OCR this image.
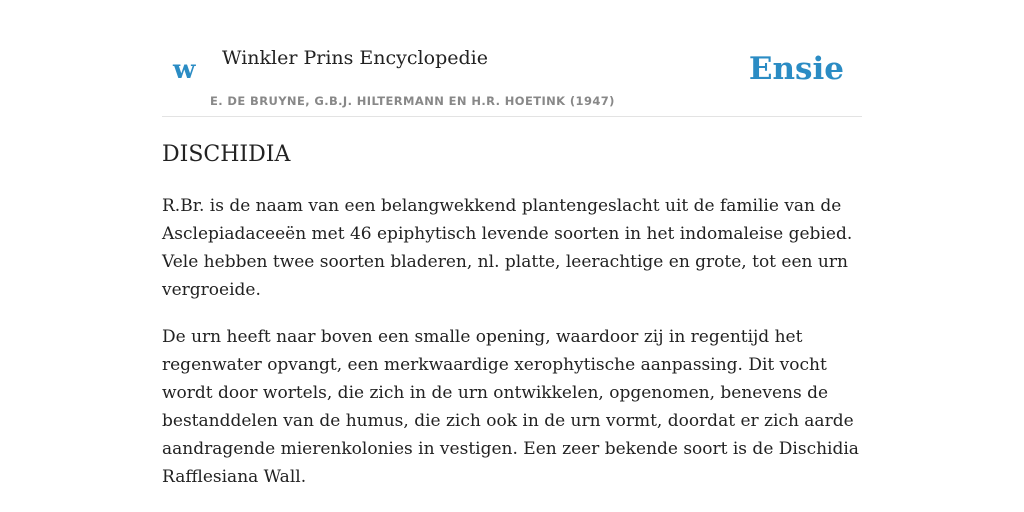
w Winkler Prins Encyclopedie
E. DE BRUYNE, G.B.J. HILTERMANN EN H.R. HOETINK (1947)
Ensie
DISCHIDIA

R.Br. is de naam van een belangwekkend plantengeslacht uit de familie van de Asclepiadaceeën met 46 epiphytisch levende soorten in het indomaleise gebied. Vele hebben twee soorten bladeren, nl. platte, leerachtige en grote, tot een urn vergroeide.

De urn heeft naar boven een smalle opening, waardoor zij in regentijd het regenwater opvangt, een merkwaardige xerophytische aanpassing. Dit vocht wordt door wortels, die zich in de urn ontwikkelen, opgenomen, benevens de bestanddelen van de humus, die zich ook in de urn vormt, doordat er zich aarde aandragende mierenkolonies in vestigen. Een zeer bekende soort is de Dischidia Rafflesiana Wall.
